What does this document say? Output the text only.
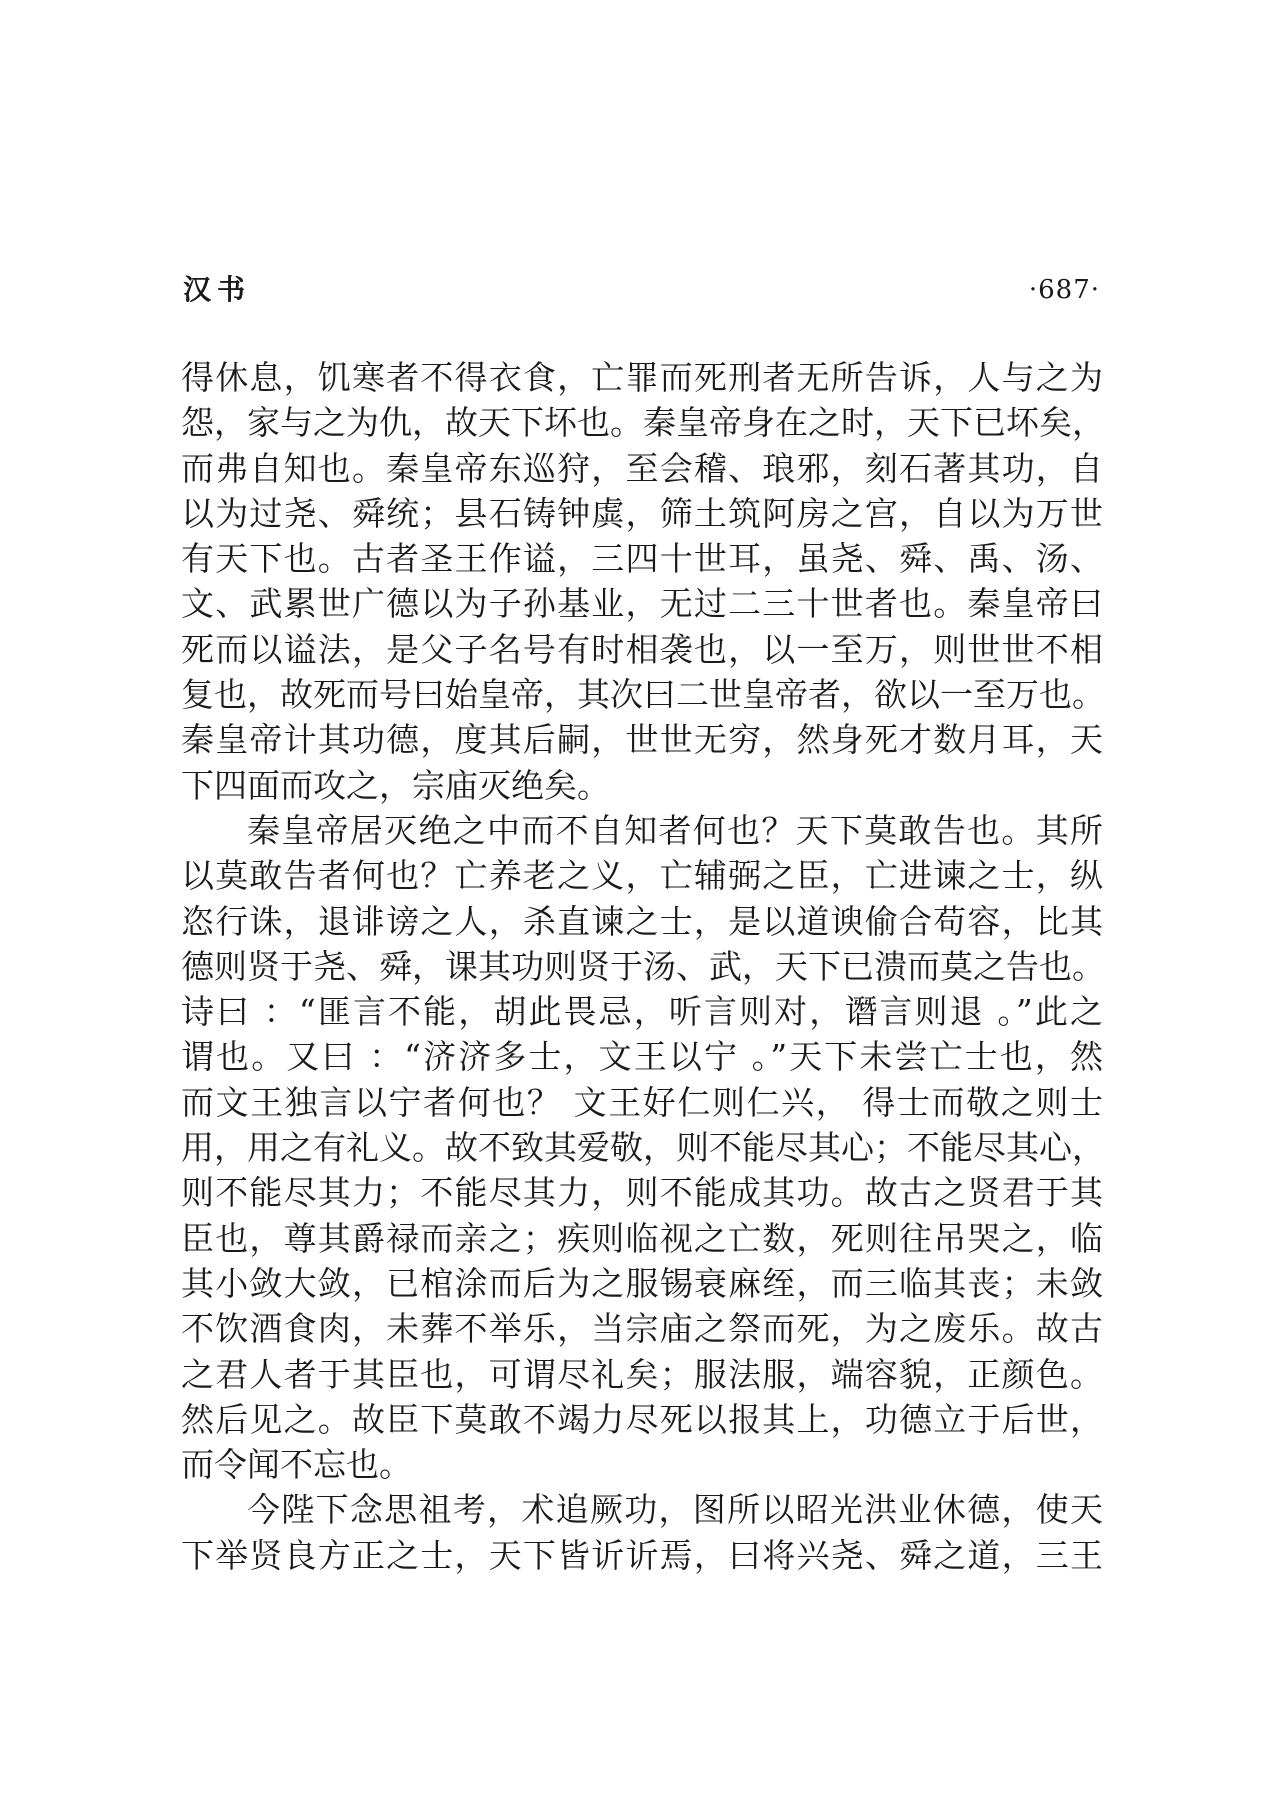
汉书	·687·
得休息，饥寒者不得衣食，亡罪而死刑者无所告诉，人与之为
怨，家与之为仇，故天下坏也。秦皇帝身在之时，天下已坏矣，
而弗自知也。秦皇帝东巡狩，至会稽、琅邪，刻石著其功，自
以为过尧、舜统；县石铸钟虡，筛土筑阿房之宫，自以为万世
有天下也。古者圣王作谥，三四十世耳，虽尧、舜、禹、汤、
文、武累世广德以为子孙基业，无过二三十世者也。秦皇帝曰
死而以谥法，是父子名号有时相袭也，以一至万，则世世不相
复也，故死而号曰始皇帝，其次曰二世皇帝者，欲以一至万也。
秦皇帝计其功德，度其后嗣，世世无穷，然身死才数月耳，天
下四面而攻之，宗庙灭绝矣。
秦皇帝居灭绝之中而不自知者何也？天下莫敢告也。其所
以莫敢告者何也？亡养老之义，亡辅弼之臣，亡进谏之士，纵
恣行诛，退诽谤之人，杀直谏之士，是以道谀偷合苟容，比其
德则贤于尧、舜，课其功则贤于汤、武，天下已溃而莫之告也。
诗曰 ：“匪言不能，胡此畏忌，听言则对，谮言则退 。”此之
谓也。又曰 ：“济济多士，文王以宁 。”天下未尝亡士也，然
而文王独言以宁者何也？ 文王好仁则仁兴， 得士而敬之则士
用，用之有礼义。故不致其爱敬，则不能尽其心；不能尽其心，
则不能尽其力；不能尽其力，则不能成其功。故古之贤君于其
臣也，尊其爵禄而亲之；疾则临视之亡数，死则往吊哭之，临
其小敛大敛，已棺涂而后为之服锡衰麻绖，而三临其丧；未敛
不饮酒食肉，未葬不举乐，当宗庙之祭而死，为之废乐。故古
之君人者于其臣也，可谓尽礼矣；服法服，端容貌，正颜色。
然后见之。故臣下莫敢不竭力尽死以报其上，功德立于后世，
而令闻不忘也。
今陛下念思祖考，术追厥功，图所以昭光洪业休德，使天
下举贤良方正之士，天下皆䜣䜣焉，曰将兴尧、舜之道，三王
